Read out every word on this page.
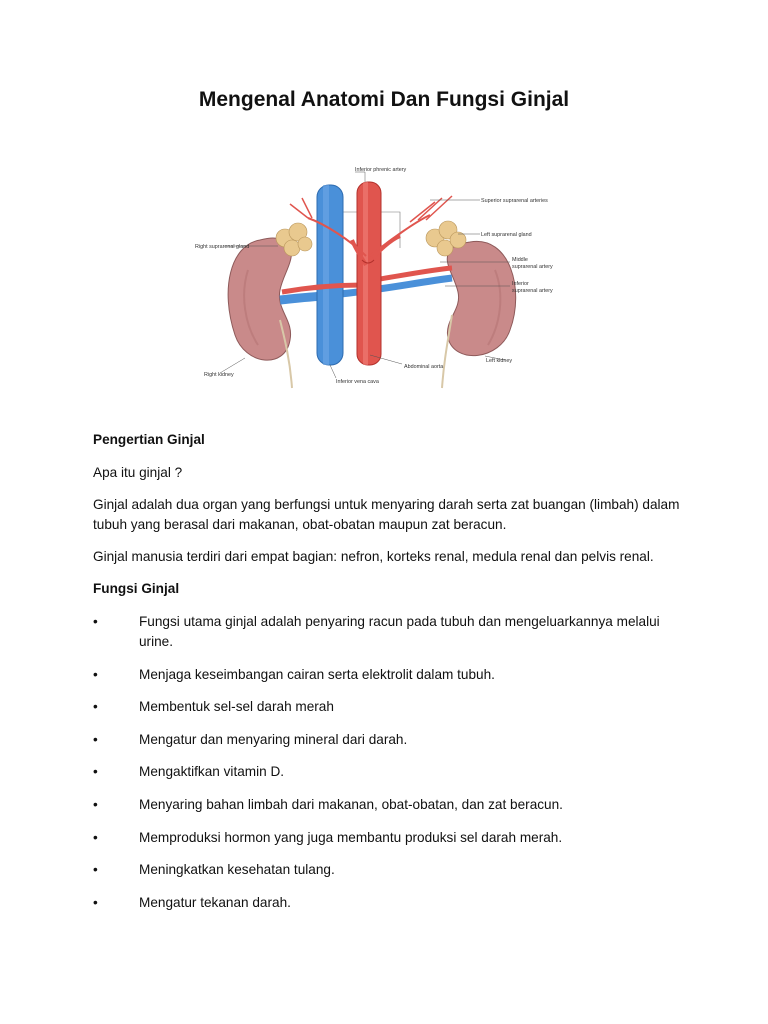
Mengenal Anatomi Dan Fungsi Ginjal
Inferior phrenic artery
Superior suprarenal arteries
Right suprarenal gland
Left suprarenal gland
Middle
suprarenal artery
Inferior
suprarenal artery
Right kidney
Left kidney
Abdominal aorta
Inferior vena cava

Pengertian Ginjal

Apa itu ginjal ?

Ginjal adalah dua organ yang berfungsi untuk menyaring darah serta zat buangan (limbah) dalam tubuh yang berasal dari makanan, obat-obatan maupun zat beracun.

Ginjal manusia terdiri dari empat bagian: nefron, korteks renal, medula renal dan pelvis renal.

Fungsi Ginjal

•	Fungsi utama ginjal adalah penyaring racun pada tubuh dan mengeluarkannya melalui urine.
•	Menjaga keseimbangan cairan serta elektrolit dalam tubuh.
•	Membentuk sel-sel darah merah
•	Mengatur dan menyaring mineral dari darah.
•	Mengaktifkan vitamin D.
•	Menyaring bahan limbah dari makanan, obat-obatan, dan zat beracun.
•	Memproduksi hormon yang juga membantu produksi sel darah merah.
•	Meningkatkan kesehatan tulang.
•	Mengatur tekanan darah.
